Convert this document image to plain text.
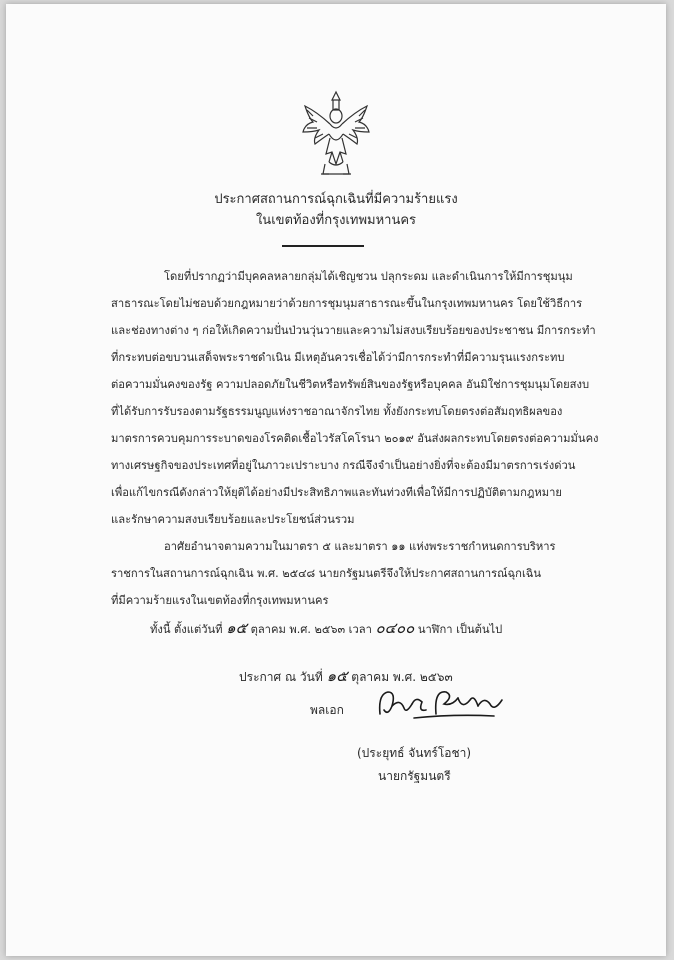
ประกาศสถานการณ์ฉุกเฉินที่มีความร้ายแรง
ในเขตท้องที่กรุงเทพมหานคร
โดยที่ปรากฏว่ามีบุคคลหลายกลุ่มได้เชิญชวน ปลุกระดม และดำเนินการให้มีการชุมนุม
สาธารณะโดยไม่ชอบด้วยกฎหมายว่าด้วยการชุมนุมสาธารณะขึ้นในกรุงเทพมหานคร โดยใช้วิธีการ
และช่องทางต่าง ๆ ก่อให้เกิดความปั่นป่วนวุ่นวายและความไม่สงบเรียบร้อยของประชาชน มีการกระทำ
ที่กระทบต่อขบวนเสด็จพระราชดำเนิน มีเหตุอันควรเชื่อได้ว่ามีการกระทำที่มีความรุนแรงกระทบ
ต่อความมั่นคงของรัฐ ความปลอดภัยในชีวิตหรือทรัพย์สินของรัฐหรือบุคคล อันมิใช่การชุมนุมโดยสงบ
ที่ได้รับการรับรองตามรัฐธรรมนูญแห่งราชอาณาจักรไทย ทั้งยังกระทบโดยตรงต่อสัมฤทธิผลของ
มาตรการควบคุมการระบาดของโรคติดเชื้อไวรัสโคโรนา ๒๐๑๙ อันส่งผลกระทบโดยตรงต่อความมั่นคง
ทางเศรษฐกิจของประเทศที่อยู่ในภาวะเปราะบาง กรณีจึงจำเป็นอย่างยิ่งที่จะต้องมีมาตรการเร่งด่วน
เพื่อแก้ไขกรณีดังกล่าวให้ยุติได้อย่างมีประสิทธิภาพและทันท่วงทีเพื่อให้มีการปฏิบัติตามกฎหมาย
และรักษาความสงบเรียบร้อยและประโยชน์ส่วนรวม
อาศัยอำนาจตามความในมาตรา ๕ และมาตรา ๑๑ แห่งพระราชกำหนดการบริหาร
ราชการในสถานการณ์ฉุกเฉิน พ.ศ. ๒๕๔๘ นายกรัฐมนตรีจึงให้ประกาศสถานการณ์ฉุกเฉิน
ที่มีความร้ายแรงในเขตท้องที่กรุงเทพมหานคร
ทั้งนี้ ตั้งแต่วันที่ ๑๕ ตุลาคม พ.ศ. ๒๕๖๓ เวลา ๐๔๐๐ นาฬิกา เป็นต้นไป
ประกาศ ณ วันที่ ๑๕ ตุลาคม พ.ศ. ๒๕๖๓
พลเอก
(ประยุทธ์ จันทร์โอชา)
นายกรัฐมนตรี
